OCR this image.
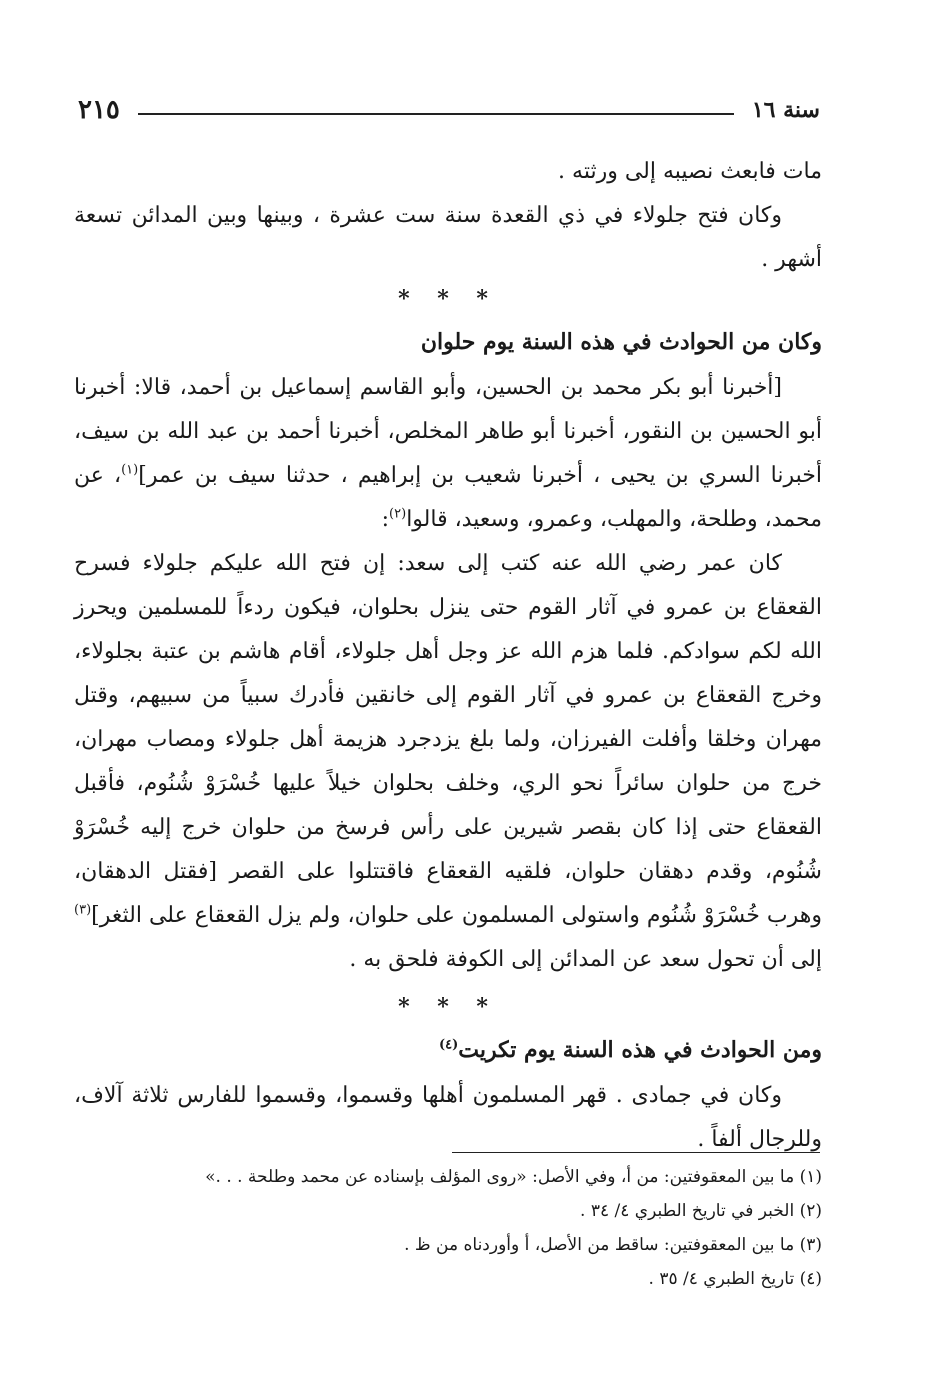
سنة ١٦
٢١٥

مات فابعث نصيبه إلى ورثته .

وكان فتح جلولاء في ذي القعدة سنة ست عشرة ، وبينها وبين المدائن تسعة أشهر .

* * *

وكان من الحوادث في هذه السنة يوم حلوان

[أخبرنا أبو بكر محمد بن الحسين، وأبو القاسم إسماعيل بن أحمد، قالا: أخبرنا أبو الحسين بن النقور، أخبرنا أبو طاهر المخلص، أخبرنا أحمد بن عبد الله بن سيف، أخبرنا السري بن يحيى ، أخبرنا شعيب بن إبراهيم ، حدثنا سيف بن عمر]$^{(١)}$، عن محمد، وطلحة، والمهلب، وعمرو، وسعيد، قالوا$^{(٢)}$:

كان عمر رضي الله عنه كتب إلى سعد: إن فتح الله عليكم جلولاء فسرح القعقاع بن عمرو في آثار القوم حتى ينزل بحلوان، فيكون ردءاً للمسلمين ويحرز الله لكم سوادكم. فلما هزم الله عز وجل أهل جلولاء، أقام هاشم بن عتبة بجلولاء، وخرج القعقاع بن عمرو في آثار القوم إلى خانقين فأدرك سبياً من سبيهم، وقتل مهران وخلقا وأفلت الفيرزان، ولما بلغ يزدجرد هزيمة أهل جلولاء ومصاب مهران، خرج من حلوان سائراً نحو الري، وخلف بحلوان خيلاً عليها خُسْرَوْ شُنُوم، فأقبل القعقاع حتى إذا كان بقصر شيرين على رأس فرسخ من حلوان خرج إليه خُسْرَوْ شُنُوم، وقدم دهقان حلوان، فلقيه القعقاع فاقتتلوا على القصر [فقتل الدهقان، وهرب خُسْرَوْ شُنُوم واستولى المسلمون على حلوان، ولم يزل القعقاع على الثغر]$^{(٣)}$ إلى أن تحول سعد عن المدائن إلى الكوفة فلحق به .

* * *

ومن الحوادث في هذه السنة يوم تكريت$^{(٤)}$

وكان في جمادى . قهر المسلمون أهلها وقسموا، وقسموا للفارس ثلاثة آلاف، وللرجال ألفاً .

(١) ما بين المعقوفتين: من أ، وفي الأصل: «روى المؤلف بإسناده عن محمد وطلحة . . .»
(٢) الخبر في تاريخ الطبري ٤/ ٣٤ .
(٣) ما بين المعقوفتين: ساقط من الأصل، أ وأوردناه من ظ .
(٤) تاريخ الطبري ٤/ ٣٥ .
